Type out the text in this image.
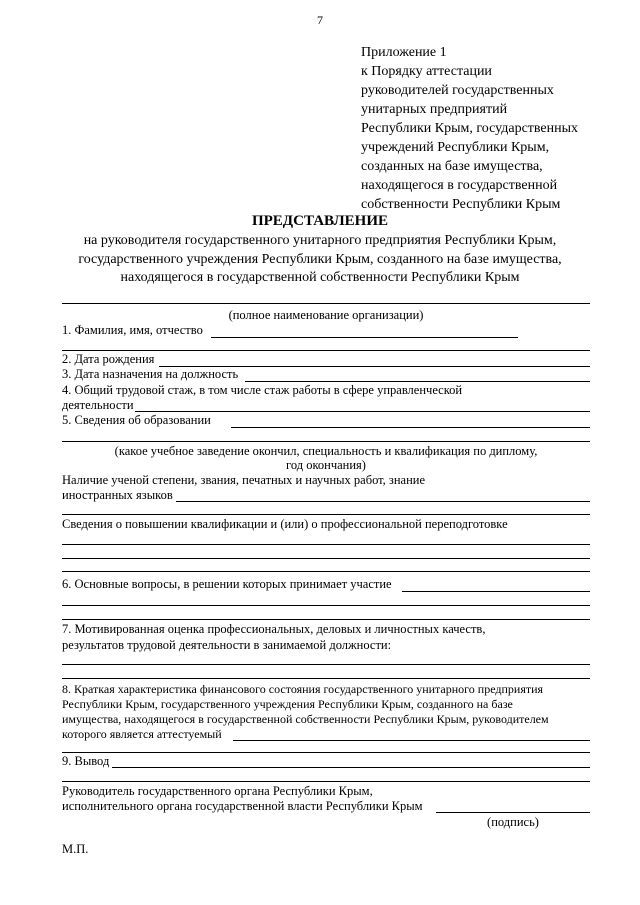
7
Приложение 1
к Порядку аттестации
руководителей государственных
унитарных предприятий
Республики Крым, государственных
учреждений Республики Крым,
созданных на базе имущества,
находящегося в государственной
собственности Республики Крым
ПРЕДСТАВЛЕНИЕ
на руководителя государственного унитарного предприятия Республики Крым,
государственного учреждения Республики Крым, созданного на базе имущества,
находящегося в государственной собственности Республики Крым
(полное наименование организации)
1. Фамилия, имя, отчество
2. Дата рождения
3. Дата назначения на должность
4. Общий трудовой стаж, в том числе стаж работы в сфере управленческой
деятельности
5. Сведения об образовании
(какое учебное заведение окончил, специальность и квалификация по диплому,
год окончания)
Наличие ученой степени, звания, печатных и научных работ, знание
иностранных языков
Сведения о повышении квалификации и (или) о профессиональной переподготовке
6. Основные вопросы, в решении которых принимает участие
7. Мотивированная оценка профессиональных, деловых и личностных качеств,
результатов трудовой деятельности в занимаемой должности:
8. Краткая характеристика финансового состояния государственного унитарного предприятия
Республики Крым, государственного учреждения Республики Крым, созданного на базе
имущества, находящегося в государственной собственности Республики Крым, руководителем
которого является аттестуемый
9. Вывод
Руководитель государственного органа Республики Крым,
исполнительного органа государственной власти Республики Крым
(подпись)
М.П.
